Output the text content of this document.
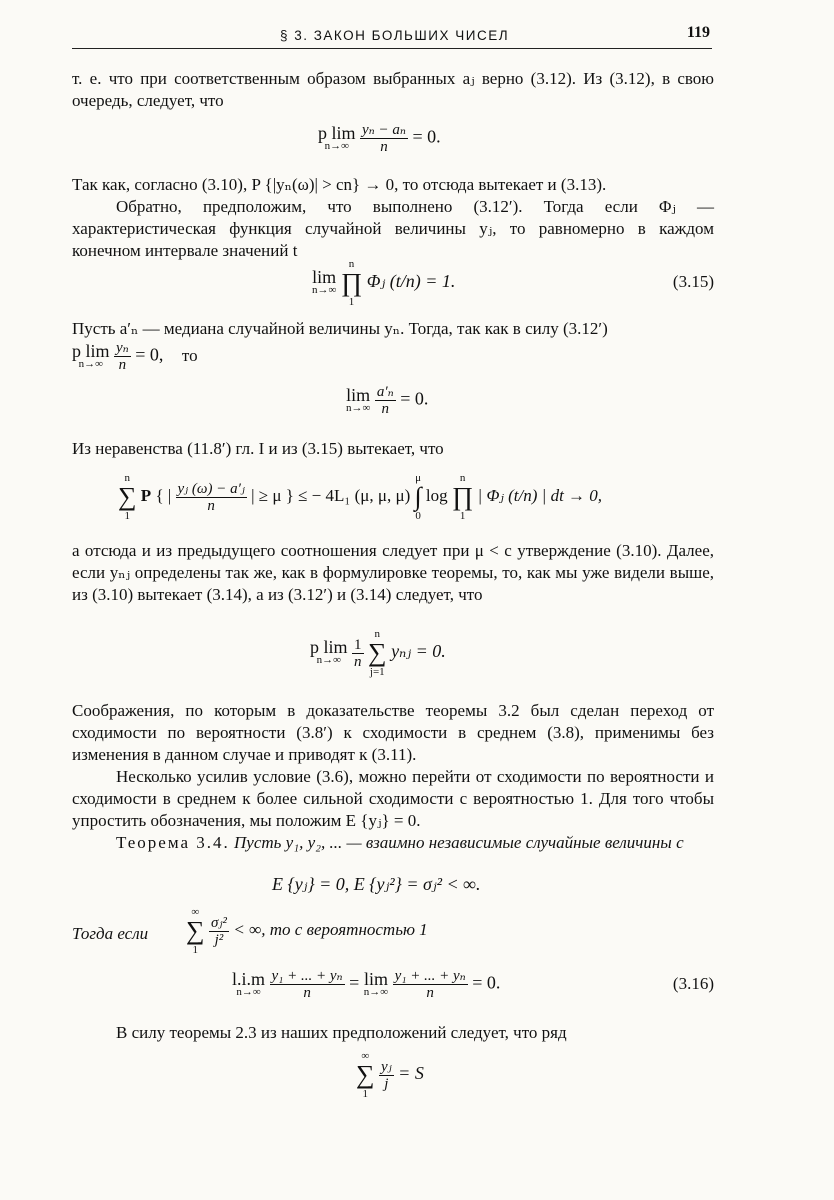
§ 3. ЗАКОН БОЛЬШИХ ЧИСЕЛ	119

т. е. что при соответственным образом выбранных aⱼ верно (3.12). Из (3.12), в свою очередь, следует, что

p lim
n→∞
$\frac{\text{yₙ − aₙ}}{n} = 0$.

Так как, согласно (3.10), P {|yₙ(ω)| > cn} → 0, то отсюда вытекает и (3.13).

Обратно, предположим, что выполнено (3.12′). Тогда если Φⱼ — характеристическая функция случайной величины yⱼ, то равномерно в каждом конечном интервале значений t

lim
n→∞

n
∏
1
Φⱼ (t/n) = 1.	(3.15)

Пусть a′ₙ — медиана случайной величины yₙ. Тогда, так как в силу (3.12′)

p lim
n→∞
$\frac{\text{yₙ}}{n} = 0$, то
lim
n→∞
$\frac{\text{a′ₙ}}{n} = 0$.

Из неравенства (11.8′) гл. I и из (3.15) вытекает, что

n
∑
1
P { | $\frac{\text{yⱼ (ω) − a′ⱼ}}{n}$ | ≥ μ } ≤ − 4L₁ (μ, μ, μ)
μ
∫
0
log
n
∏
1
| Φⱼ (t/n) | dt → 0,

а отсюда и из предыдущего соотношения следует при μ < c утверждение (3.10). Далее, если yₙⱼ определены так же, как в формулировке теоремы, то, как мы уже видели выше, из (3.10) вытекает (3.14), а из (3.12′) и (3.14) следует, что

p lim
n→∞
$\frac{1}{n}$

n
∑
j=1
yₙⱼ = 0.

Соображения, по которым в доказательстве теоремы 3.2 был сделан переход от сходимости по вероятности (3.8′) к сходимости в среднем (3.8), применимы без изменения в данном случае и приводят к (3.11).

Несколько усилив условие (3.6), можно перейти от сходимости по вероятности и сходимости в среднем к более сильной сходимости с вероятностью 1. Для того чтобы упростить обозначения, мы положим E {yⱼ} = 0.

Теорема 3.4. Пусть y₁, y₂, ... — взаимно независимые случайные величины с

E {yⱼ} = 0, E {yⱼ²} = σⱼ² < ∞.
Тогда если
∞
∑
1

$\frac{\text{σⱼ²}}{\text{j²}}$ < ∞, то с вероятностью 1
l.i.m
n→∞
$\frac{\text{y₁ + ... + yₙ}}{n} = \lim$
n→∞
$\frac{\text{y₁ + ... + yₙ}}{n} = 0$.	(3.16)

В силу теоремы 2.3 из наших предположений следует, что ряд

∞
∑
1

$\frac{\text{yⱼ}}{j} = S$
